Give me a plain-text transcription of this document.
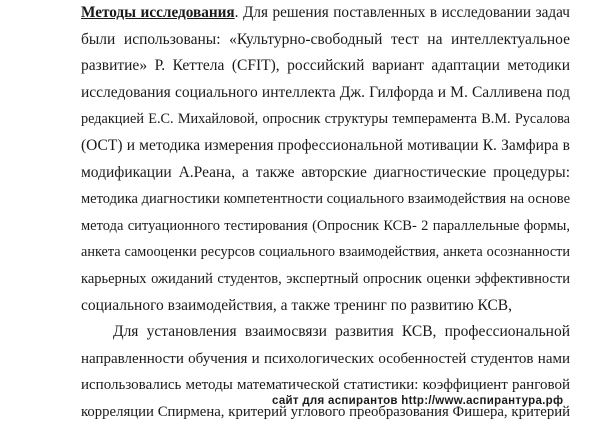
Методы исследования. Для решения поставленных в исследовании задач
были использованы: «Культурно-свободный тест на интеллектуальное
развитие» Р. Кеттела (CFIT), российский вариант адаптации методики
исследования социального интеллекта Дж. Гилфорда и М. Салливена под
редакцией Е.С. Михайловой, опросник структуры темперамента В.М. Русалова
(ОСТ) и методика измерения профессиональной мотивации К. Замфира в
модификации А.Реана, а также авторские диагностические процедуры:
методика диагностики компетентности социального взаимодействия на основе
метода ситуационного тестирования (Опросник КСВ- 2 параллельные формы,
анкета самооценки ресурсов социального взаимодействия, анкета осознанности
карьерных ожиданий студентов, экспертный опросник оценки эффективности
социального взаимодействия, а также тренинг по развитию КСВ,
Для установления взаимосвязи развития КСВ, профессиональной
направленности обучения и психологических особенностей студентов нами
использовались методы математической статистики: коэффициент ранговой
корреляции Спирмена, критерий углового преобразования Фишера, критерий
сайт для аспирантов http://www.аспирантура.рф
